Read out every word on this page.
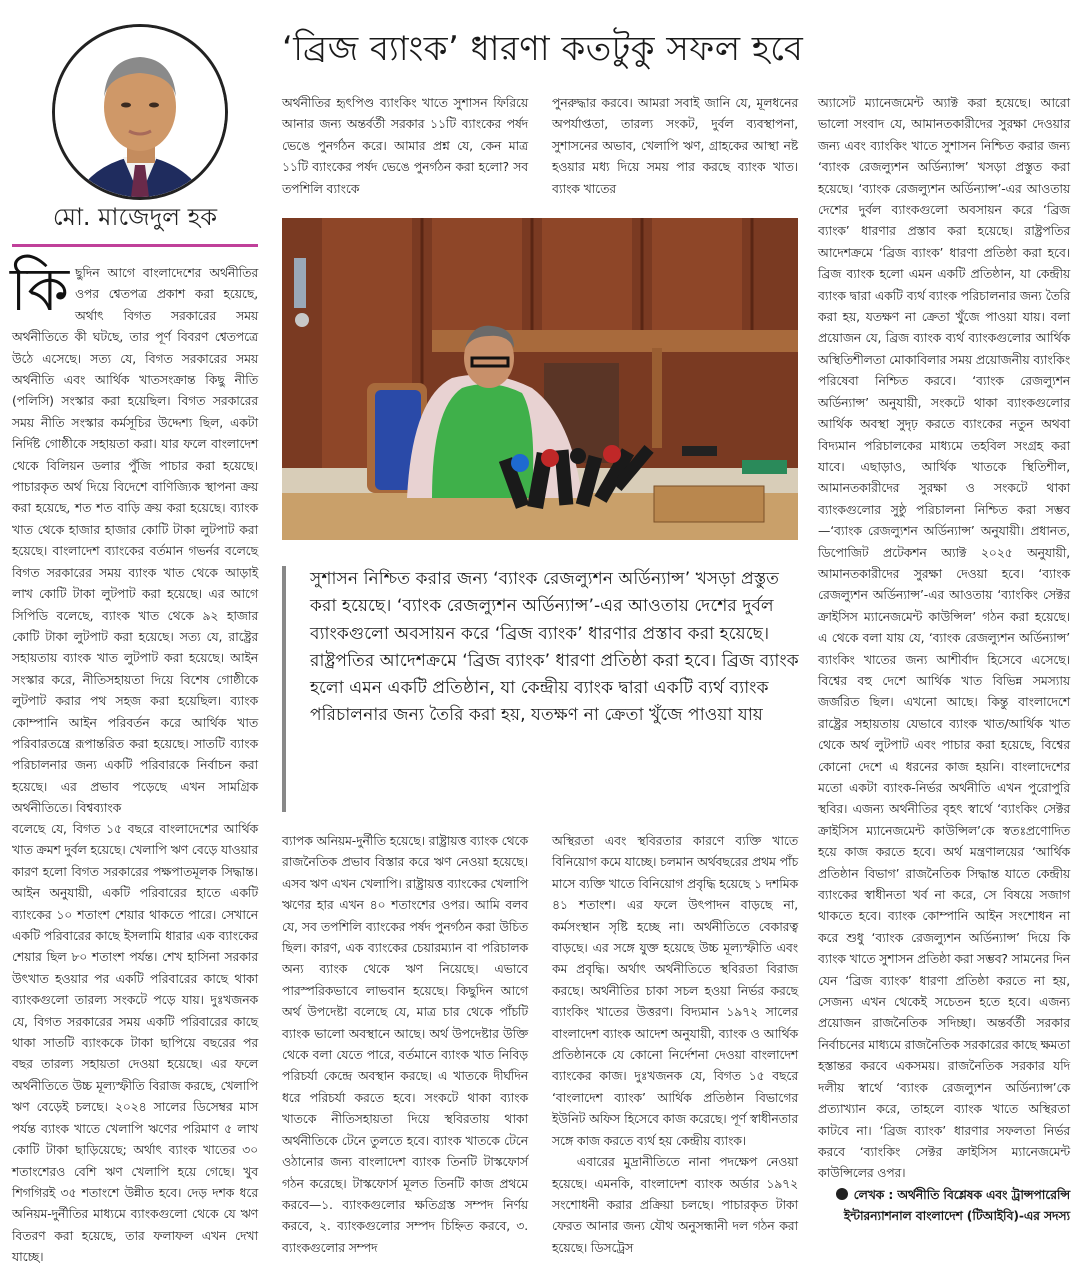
‘ব্রিজ ব্যাংক’ ধারণা কতটুকু সফল হবে
মো. মাজেদুল হক

কিছুদিন আগে বাংলাদেশের অর্থনীতির ওপর শ্বেতপত্র প্রকাশ করা হয়েছে, অর্থাৎ বিগত সরকারের সময় অর্থনীতিতে কী ঘটছে, তার পূর্ণ বিবরণ শ্বেতপত্রে উঠে এসেছে। সত্য যে, বিগত সরকারের সময় অর্থনীতি এবং আর্থিক খাতসংক্রান্ত কিছু নীতি (পলিসি) সংস্কার করা হয়েছিল। বিগত সরকারের সময় নীতি সংস্কার কর্মসূচির উদ্দেশ্য ছিল, একটা নির্দিষ্ট গোষ্ঠীকে সহায়তা করা। যার ফলে বাংলাদেশ থেকে বিলিয়ন ডলার পুঁজি পাচার করা হয়েছে। পাচারকৃত অর্থ দিয়ে বিদেশে বাণিজ্যিক স্থাপনা ক্রয় করা হয়েছে, শত শত বাড়ি ক্রয় করা হয়েছে। ব্যাংক খাত থেকে হাজার হাজার কোটি টাকা লুটপাট করা হয়েছে। বাংলাদেশ ব্যাংকের বর্তমান গভর্নর বলেছে বিগত সরকারের সময় ব্যাংক খাত থেকে আড়াই লাখ কোটি টাকা লুটপাট করা হয়েছে। এর আগে সিপিডি বলেছে, ব্যাংক খাত থেকে ৯২ হাজার কোটি টাকা লুটপাট করা হয়েছে। সত্য যে, রাষ্ট্রের সহায়তায় ব্যাংক খাত লুটপাট করা হয়েছে। আইন সংস্কার করে, নীতিসহায়তা দিয়ে বিশেষ গোষ্ঠীকে লুটপাট করার পথ সহজ করা হয়েছিল। ব্যাংক কোম্পানি আইন পরিবর্তন করে আর্থিক খাত পরিবারতন্ত্রে রূপান্তরিত করা হয়েছে। সাতটি ব্যাংক পরিচালনার জন্য একটি পরিবারকে নির্বাচন করা হয়েছে। এর প্রভাব পড়েছে এখন সামগ্রিক অর্থনীতিতে। বিশ্বব্যাংক

বলেছে যে, বিগত ১৫ বছরে বাংলাদেশের আর্থিক খাত ক্রমশ দুর্বল হয়েছে। খেলাপি ঋণ বেড়ে যাওয়ার কারণ হলো বিগত সরকারের পক্ষপাতমূলক সিদ্ধান্ত। আইন অনুযায়ী, একটি পরিবারের হাতে একটি ব্যাংকের ১০ শতাংশ শেয়ার থাকতে পারে। সেখানে একটি পরিবারের কাছে ইসলামি ধারার এক ব্যাংকের শেয়ার ছিল ৮০ শতাংশ পর্যন্ত। শেখ হাসিনা সরকার উৎখাত হওয়ার পর একটি পরিবারের কাছে থাকা ব্যাংকগুলো তারল্য সংকটে পড়ে যায়। দুঃখজনক যে, বিগত সরকারের সময় একটি পরিবারের কাছে থাকা সাতটি ব্যাংককে টাকা ছাপিয়ে বছরের পর বছর তারল্য সহায়তা দেওয়া হয়েছে। এর ফলে অর্থনীতিতে উচ্চ মূল্যস্ফীতি বিরাজ করছে, খেলাপি ঋণ বেড়েই চলছে। ২০২৪ সালের ডিসেম্বর মাস পর্যন্ত ব্যাংক খাতে খেলাপি ঋণের পরিমাণ ৫ লাখ কোটি টাকা ছাড়িয়েছে; অর্থাৎ ব্যাংক খাতের ৩০ শতাংশেরও বেশি ঋণ খেলাপি হয়ে গেছে। খুব শিগগিরই ৩৫ শতাংশে উন্নীত হবে। দেড় দশক ধরে অনিয়ম-দুর্নীতির মাধ্যমে ব্যাংকগুলো থেকে যে ঋণ বিতরণ করা হয়েছে, তার ফলাফল এখন দেখা যাচ্ছে।

অর্থনীতির হৃৎপিণ্ড ব্যাংকিং খাতে সুশাসন ফিরিয়ে আনার জন্য অন্তর্বর্তী সরকার ১১টি ব্যাংকের পর্ষদ ভেঙে পুনর্গঠন করে। আমার প্রশ্ন যে, কেন মাত্র ১১টি ব্যাংকের পর্ষদ ভেঙে পুনর্গঠন করা হলো? সব তপশিলি ব্যাংকে

পুনরুদ্ধার করবে। আমরা সবাই জানি যে, মূলধনের অপর্যাপ্ততা, তারল্য সংকট, দুর্বল ব্যবস্থাপনা, সুশাসনের অভাব, খেলাপি ঋণ, গ্রাহকের আস্থা নষ্ট হওয়ার মধ্য দিয়ে সময় পার করছে ব্যাংক খাত। ব্যাংক খাতের

সুশাসন নিশ্চিত করার জন্য ‘ব্যাংক রেজল্যুশন অর্ডিন্যান্স’ খসড়া প্রস্তুত করা হয়েছে। ‘ব্যাংক রেজল্যুশন অর্ডিন্যান্স’-এর আওতায় দেশের দুর্বল ব্যাংকগুলো অবসায়ন করে ‘ব্রিজ ব্যাংক’ ধারণার প্রস্তাব করা হয়েছে। রাষ্ট্রপতির আদেশক্রমে ‘ব্রিজ ব্যাংক’ ধারণা প্রতিষ্ঠা করা হবে। ব্রিজ ব্যাংক হলো এমন একটি প্রতিষ্ঠান, যা কেন্দ্রীয় ব্যাংক দ্বারা একটি ব্যর্থ ব্যাংক পরিচালনার জন্য তৈরি করা হয়, যতক্ষণ না ক্রেতা খুঁজে পাওয়া যায়

ব্যাপক অনিয়ম-দুর্নীতি হয়েছে। রাষ্ট্রায়ত্ত ব্যাংক থেকে রাজনৈতিক প্রভাব বিস্তার করে ঋণ নেওয়া হয়েছে। এসব ঋণ এখন খেলাপি। রাষ্ট্রায়ত্ত ব্যাংকের খেলাপি ঋণের হার এখন ৪০ শতাংশের ওপর। আমি বলব যে, সব তপশিলি ব্যাংকের পর্ষদ পুনর্গঠন করা উচিত ছিল। কারণ, এক ব্যাংকের চেয়ারম্যান বা পরিচালক অন্য ব্যাংক থেকে ঋণ নিয়েছে। এভাবে পারস্পরিকভাবে লাভবান হয়েছে। কিছুদিন আগে অর্থ উপদেষ্টা বলেছে যে, মাত্র চার থেকে পাঁচটি ব্যাংক ভালো অবস্থানে আছে। অর্থ উপদেষ্টার উক্তি থেকে বলা যেতে পারে, বর্তমানে ব্যাংক খাত নিবিড় পরিচর্যা কেন্দ্রে অবস্থান করছে। এ খাতকে দীর্ঘদিন ধরে পরিচর্যা করতে হবে। সংকটে থাকা ব্যাংক খাতকে নীতিসহায়তা দিয়ে স্থবিরতায় থাকা অর্থনীতিকে টেনে তুলতে হবে। ব্যাংক খাতকে টেনে ওঠানোর জন্য বাংলাদেশ ব্যাংক তিনটি টাস্কফোর্স গঠন করেছে। টাস্কফোর্স মূলত তিনটি কাজ প্রথমে করবে—১. ব্যাংকগুলোর ক্ষতিগ্রস্ত সম্পদ নির্ণয় করবে, ২. ব্যাংকগুলোর সম্পদ চিহ্নিত করবে, ৩. ব্যাংকগুলোর সম্পদ

অস্থিরতা এবং স্থবিরতার কারণে ব্যক্তি খাতে বিনিয়োগ কমে যাচ্ছে। চলমান অর্থবছরের প্রথম পাঁচ মাসে ব্যক্তি খাতে বিনিয়োগ প্রবৃদ্ধি হয়েছে ১ দশমিক ৪১ শতাংশ। এর ফলে উৎপাদন বাড়ছে না, কর্মসংস্থান সৃষ্টি হচ্ছে না। অর্থনীতিতে বেকারত্ব বাড়ছে। এর সঙ্গে যুক্ত হয়েছে উচ্চ মূল্যস্ফীতি এবং কম প্রবৃদ্ধি। অর্থাৎ অর্থনীতিতে স্থবিরতা বিরাজ করছে। অর্থনীতির চাকা সচল হওয়া নির্ভর করছে ব্যাংকিং খাতের উত্তরণ। বিদ্যমান ১৯৭২ সালের বাংলাদেশ ব্যাংক আদেশ অনুযায়ী, ব্যাংক ও আর্থিক প্রতিষ্ঠানকে যে কোনো নির্দেশনা দেওয়া বাংলাদেশ ব্যাংকের কাজ। দুঃখজনক যে, বিগত ১৫ বছরে ‘বাংলাদেশ ব্যাংক’ আর্থিক প্রতিষ্ঠান বিভাগের ইউনিট অফিস হিসেবে কাজ করেছে। পূর্ণ স্বাধীনতার সঙ্গে কাজ করতে ব্যর্থ হয় কেন্দ্রীয় ব্যাংক।

এবারের মুদ্রানীতিতে নানা পদক্ষেপ নেওয়া হয়েছে। এমনকি, বাংলাদেশ ব্যাংক অর্ডার ১৯৭২ সংশোধনী করার প্রক্রিয়া চলছে। পাচারকৃত টাকা ফেরত আনার জন্য যৌথ অনুসন্ধানী দল গঠন করা হয়েছে। ডিসট্রেস

অ্যাসেট ম্যানেজমেন্ট অ্যাক্ট করা হয়েছে। আরো ভালো সংবাদ যে, আমানতকারীদের সুরক্ষা দেওয়ার জন্য এবং ব্যাংকিং খাতে সুশাসন নিশ্চিত করার জন্য ‘ব্যাংক রেজল্যুশন অর্ডিন্যান্স’ খসড়া প্রস্তুত করা হয়েছে। ‘ব্যাংক রেজল্যুশন অর্ডিন্যান্স’-এর আওতায় দেশের দুর্বল ব্যাংকগুলো অবসায়ন করে ‘ব্রিজ ব্যাংক’ ধারণার প্রস্তাব করা হয়েছে। রাষ্ট্রপতির আদেশক্রমে ‘ব্রিজ ব্যাংক’ ধারণা প্রতিষ্ঠা করা হবে। ব্রিজ ব্যাংক হলো এমন একটি প্রতিষ্ঠান, যা কেন্দ্রীয় ব্যাংক দ্বারা একটি ব্যর্থ ব্যাংক পরিচালনার জন্য তৈরি করা হয়, যতক্ষণ না ক্রেতা খুঁজে পাওয়া যায়। বলা প্রয়োজন যে, ব্রিজ ব্যাংক ব্যর্থ ব্যাংকগুলোর আর্থিক অস্থিতিশীলতা মোকাবিলার সময় প্রয়োজনীয় ব্যাংকিং পরিষেবা নিশ্চিত করবে। ‘ব্যাংক রেজল্যুশন অর্ডিন্যান্স’ অনুযায়ী, সংকটে থাকা ব্যাংকগুলোর আর্থিক অবস্থা সুদৃঢ় করতে ব্যাংকের নতুন অথবা বিদ্যমান পরিচালকের মাধ্যমে তহবিল সংগ্রহ করা যাবে। এছাড়াও, আর্থিক খাতকে স্থিতিশীল, আমানতকারীদের সুরক্ষা ও সংকটে থাকা ব্যাংকগুলোর সুষ্ঠু পরিচালনা নিশ্চিত করা সম্ভব—‘ব্যাংক রেজল্যুশন অর্ডিন্যান্স’ অনুযায়ী। প্রধানত, ডিপোজিট প্রটেকশন অ্যাক্ট ২০২৫ অনুযায়ী, আমানতকারীদের সুরক্ষা দেওয়া হবে। ‘ব্যাংক রেজল্যুশন অর্ডিন্যান্স’-এর আওতায় ‘ব্যাংকিং সেক্টর ক্রাইসিস ম্যানেজমেন্ট কাউন্সিল’ গঠন করা হয়েছে। এ থেকে বলা যায় যে, ‘ব্যাংক রেজল্যুশন অর্ডিন্যান্স’ ব্যাংকিং খাতের জন্য আশীর্বাদ হিসেবে এসেছে। বিশ্বের বহু দেশে আর্থিক খাত বিভিন্ন সমস্যায় জর্জরিত ছিল। এখনো আছে। কিন্তু বাংলাদেশে রাষ্ট্রের সহায়তায় যেভাবে ব্যাংক খাত/আর্থিক খাত থেকে অর্থ লুটপাট এবং পাচার করা হয়েছে, বিশ্বের কোনো দেশে এ ধরনের কাজ হয়নি। বাংলাদেশের মতো একটা ব্যাংক-নির্ভর অর্থনীতি এখন পুরোপুরি স্থবির। এজন্য অর্থনীতির বৃহৎ স্বার্থে ‘ব্যাংকিং সেক্টর ক্রাইসিস ম্যানেজমেন্ট কাউন্সিল’কে স্বতঃপ্রণোদিত হয়ে কাজ করতে হবে। অর্থ মন্ত্রণালয়ের ‘আর্থিক প্রতিষ্ঠান বিভাগ’ রাজনৈতিক সিদ্ধান্ত যাতে কেন্দ্রীয় ব্যাংকের স্বাধীনতা খর্ব না করে, সে বিষয়ে সজাগ থাকতে হবে। ব্যাংক কোম্পানি আইন সংশোধন না করে শুধু ‘ব্যাংক রেজল্যুশন অর্ডিন্যান্স’ দিয়ে কি ব্যাংক খাতে সুশাসন প্রতিষ্ঠা করা সম্ভব? সামনের দিন যেন ‘ব্রিজ ব্যাংক’ ধারণা প্রতিষ্ঠা করতে না হয়, সেজন্য এখন থেকেই সচেতন হতে হবে। এজন্য প্রয়োজন রাজনৈতিক সদিচ্ছা। অন্তর্বর্তী সরকার নির্বাচনের মাধ্যমে রাজনৈতিক সরকারের কাছে ক্ষমতা হস্তান্তর করবে একসময়। রাজনৈতিক সরকার যদি দলীয় স্বার্থে ‘ব্যাংক রেজল্যুশন অর্ডিন্যান্স’কে প্রত্যাখ্যান করে, তাহলে ব্যাংক খাতে অস্থিরতা কাটবে না। ‘ব্রিজ ব্যাংক’ ধারণার সফলতা নির্ভর করবে ‘ব্যাংকিং সেক্টর ক্রাইসিস ম্যানেজমেন্ট কাউন্সিলের ওপর।

লেখক : অর্থনীতি বিশ্লেষক এবং ট্রান্সপারেন্সি ইন্টারন্যাশনাল বাংলাদেশ (টিআইবি)-এর সদস্য
